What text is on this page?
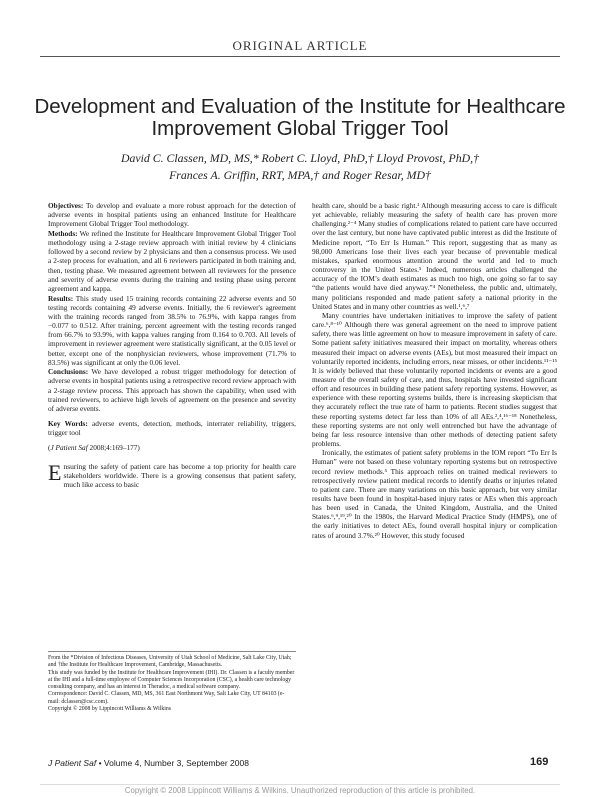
ORIGINAL ARTICLE
Development and Evaluation of the Institute for Healthcare
Improvement Global Trigger Tool
David C. Classen, MD, MS,* Robert C. Lloyd, PhD,† Lloyd Provost, PhD,†
Frances A. Griffin, RRT, MPA,† and Roger Resar, MD†

Objectives: To develop and evaluate a more robust approach for the detection of adverse events in hospital patients using an enhanced Institute for Healthcare Improvement Global Trigger Tool methodology.

Methods: We refined the Institute for Healthcare Improvement Global Trigger Tool methodology using a 2-stage review approach with initial review by 4 clinicians followed by a second review by 2 physicians and then a consensus process. We used a 2-step process for evaluation, and all 6 reviewers participated in both training and, then, testing phase. We measured agreement between all reviewers for the presence and severity of adverse events during the training and testing phase using percent agreement and kappa.

Results: This study used 15 training records containing 22 adverse events and 50 testing records containing 49 adverse events. Initially, the 6 reviewer's agreement with the training records ranged from 38.5% to 76.9%, with kappa ranges from −0.077 to 0.512. After training, percent agreement with the testing records ranged from 66.7% to 93.9%, with kappa values ranging from 0.164 to 0.703. All levels of improvement in reviewer agreement were statistically significant, at the 0.05 level or better, except one of the nonphysician reviewers, whose improvement (71.7% to 83.5%) was significant at only the 0.06 level.

Conclusions: We have developed a robust trigger methodology for detection of adverse events in hospital patients using a retrospective record review approach with a 2-stage review process. This approach has shown the capability, when used with trained reviewers, to achieve high levels of agreement on the presence and severity of adverse events.

Key Words: adverse events, detection, methods, interrater reliability, triggers, trigger tool

(J Patient Saf 2008;4:169–177)

Ensuring the safety of patient care has become a top priority for health care stakeholders worldwide. There is a growing consensus that patient safety, much like access to basic

From the *Division of Infectious Diseases, University of Utah School of Medicine, Salt Lake City, Utah; and †the Institute for Healthcare Improvement, Cambridge, Massachusetts.

This study was funded by the Institute for Healthcare Improvement (IHI). Dr. Classen is a faculty member at the IHI and a full-time employee of Computer Sciences Incorporation (CSC), a health care technology consulting company, and has an interest in Theradoc, a medical software company.

Correspondence: David C. Classen, MD, MS, 361 East Northmont Way, Salt Lake City, UT 84103 (e-mail: dclassen@csc.com).

Copyright © 2008 by Lippincott Williams & Wilkins

health care, should be a basic right.¹ Although measuring access to care is difficult yet achievable, reliably measuring the safety of health care has proven more challenging.²⁻⁴ Many studies of complications related to patient care have occurred over the last century, but none have captivated public interest as did the Institute of Medicine report, “To Err Is Human.” This report, suggesting that as many as 98,000 Americans lose their lives each year because of preventable medical mistakes, sparked enormous attention around the world and led to much controversy in the United States.⁵ Indeed, numerous articles challenged the accuracy of the IOM’s death estimates as much too high, one going so far to say “the patients would have died anyway.”⁴ Nonetheless, the public and, ultimately, many politicians responded and made patient safety a national priority in the United States and in many other countries as well.¹,⁶,⁷

Many countries have undertaken initiatives to improve the safety of patient care.⁶,⁸⁻¹⁰ Although there was general agreement on the need to improve patient safety, there was little agreement on how to measure improvement in safety of care. Some patient safety initiatives measured their impact on mortality, whereas others measured their impact on adverse events (AEs), but most measured their impact on voluntarily reported incidents, including errors, near misses, or other incidents.¹¹⁻¹⁵ It is widely believed that these voluntarily reported incidents or events are a good measure of the overall safety of care, and thus, hospitals have invested significant effort and resources in building these patient safety reporting systems. However, as experience with these reporting systems builds, there is increasing skepticism that they accurately reflect the true rate of harm to patients. Recent studies suggest that these reporting systems detect far less than 10% of all AEs.²,⁴,¹⁶⁻¹⁸ Nonetheless, these reporting systems are not only well entrenched but have the advantage of being far less resource intensive than other methods of detecting patient safety problems.

Ironically, the estimates of patient safety problems in the IOM report “To Err Is Human” were not based on these voluntary reporting systems but on retrospective record review methods.⁵ This approach relies on trained medical reviewers to retrospectively review patient medical records to identify deaths or injuries related to patient care. There are many variations on this basic approach, but very similar results have been found in hospital-based injury rates or AEs when this approach has been used in Canada, the United Kingdom, Australia, and the United States.⁶,⁹,¹⁹,²⁰ In the 1980s, the Harvard Medical Practice Study (HMPS), one of the early initiatives to detect AEs, found overall hospital injury or complication rates of around 3.7%.²⁰ However, this study focused

J Patient Saf • Volume 4, Number 3, September 2008	169
Copyright © 2008 Lippincott Williams & Wilkins. Unauthorized reproduction of this article is prohibited.
